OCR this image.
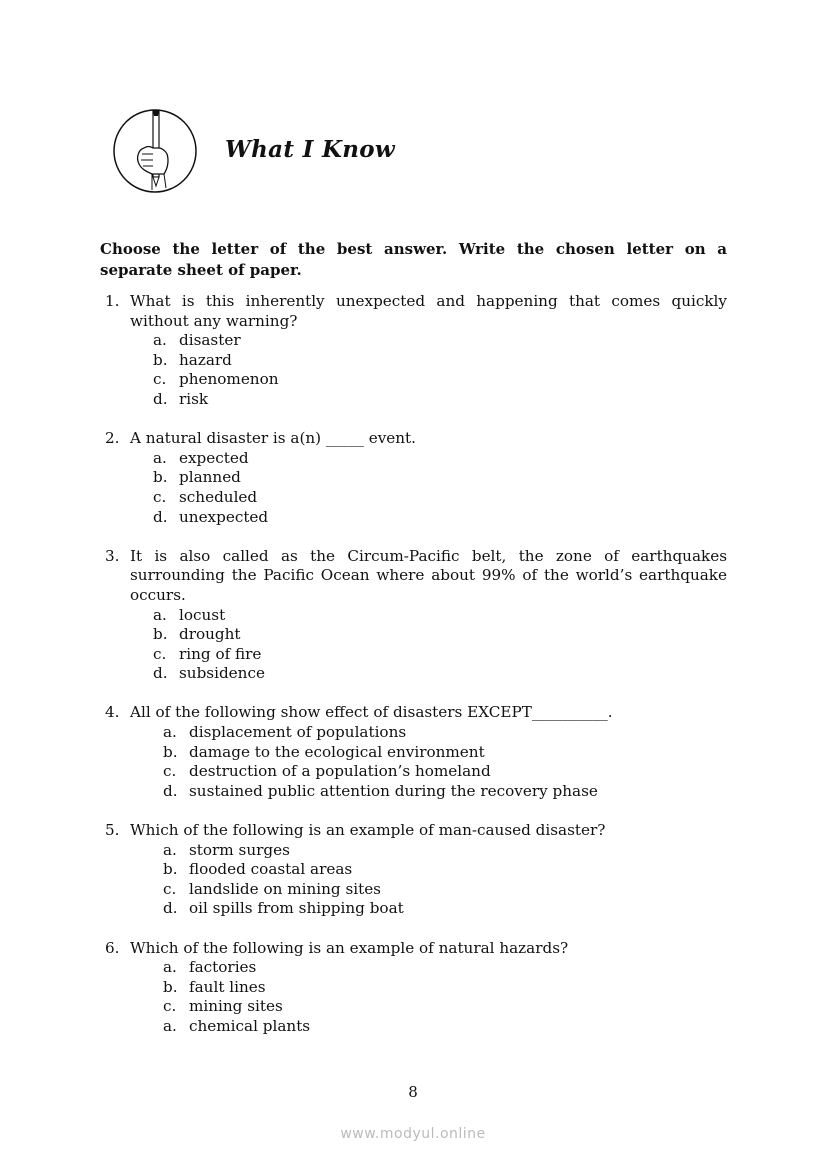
What I Know
Choose the letter of the best answer. Write the chosen letter on a separate sheet of paper.
1. What is this inherently unexpected and happening that comes quickly without any warning?
a. disaster
b. hazard
c. phenomenon
d. risk
2. A natural disaster is a(n) _____ event.
a. expected
b. planned
c. scheduled
d. unexpected
3. It is also called as the Circum-Pacific belt, the zone of earthquakes surrounding the Pacific Ocean where about 99% of the world’s earthquake occurs.
a. locust
b. drought
c. ring of fire
d. subsidence
4. All of the following show effect of disasters EXCEPT__________.
a. displacement of populations
b. damage to the ecological environment
c. destruction of a population’s homeland
d. sustained public attention during the recovery phase
5. Which of the following is an example of man-caused disaster?
a. storm surges
b. flooded coastal areas
c. landslide on mining sites
d. oil spills from shipping boat
6. Which of the following is an example of natural hazards?
a. factories
b. fault lines
c. mining sites
a. chemical plants
8
www.modyul.online
